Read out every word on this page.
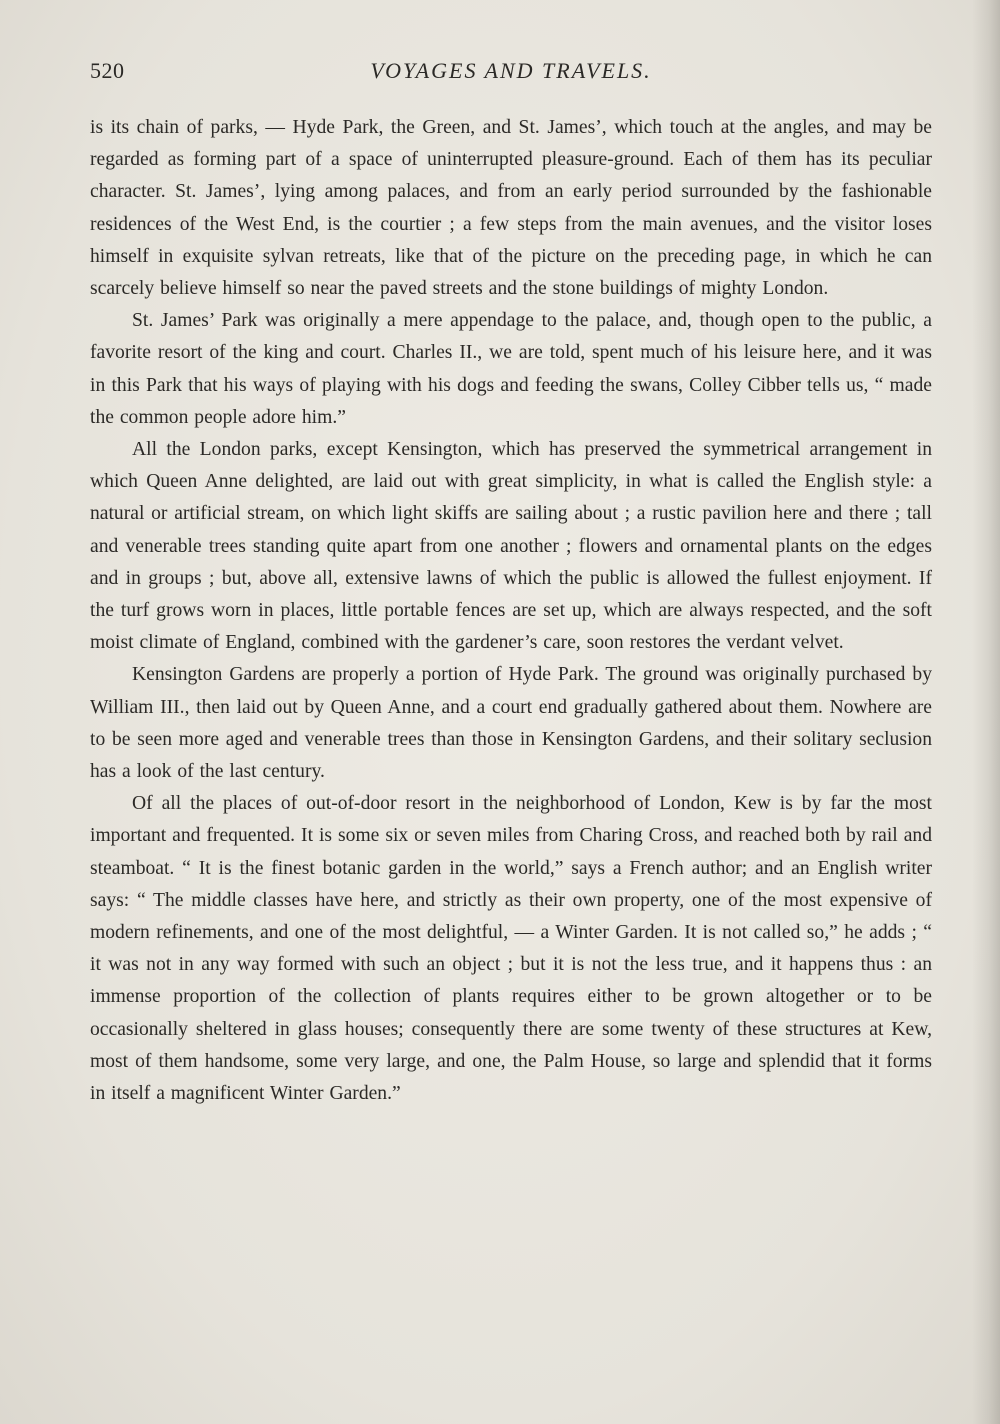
520	VOYAGES AND TRAVELS.

is its chain of parks, — Hyde Park, the Green, and St. James’, which touch at the angles, and may be regarded as forming part of a space of uninterrupted pleasure-ground. Each of them has its peculiar character. St. James’, lying among palaces, and from an early period surrounded by the fashionable residences of the West End, is the courtier ; a few steps from the main avenues, and the visitor loses himself in exquisite sylvan retreats, like that of the picture on the preceding page, in which he can scarcely believe himself so near the paved streets and the stone buildings of mighty London.

St. James’ Park was originally a mere appendage to the palace, and, though open to the public, a favorite resort of the king and court. Charles II., we are told, spent much of his leisure here, and it was in this Park that his ways of playing with his dogs and feeding the swans, Colley Cibber tells us, “ made the common people adore him.”

All the London parks, except Kensington, which has preserved the symmetrical arrangement in which Queen Anne delighted, are laid out with great simplicity, in what is called the English style: a natural or artificial stream, on which light skiffs are sailing about ; a rustic pavilion here and there ; tall and venerable trees standing quite apart from one another ; flowers and ornamental plants on the edges and in groups ; but, above all, extensive lawns of which the public is allowed the fullest enjoyment. If the turf grows worn in places, little portable fences are set up, which are always respected, and the soft moist climate of England, combined with the gardener’s care, soon restores the verdant velvet.

Kensington Gardens are properly a portion of Hyde Park. The ground was originally purchased by William III., then laid out by Queen Anne, and a court end gradually gathered about them. Nowhere are to be seen more aged and venerable trees than those in Kensington Gardens, and their solitary seclusion has a look of the last century.

Of all the places of out-of-door resort in the neighborhood of London, Kew is by far the most important and frequented. It is some six or seven miles from Charing Cross, and reached both by rail and steamboat. “ It is the finest botanic garden in the world,” says a French author; and an English writer says: “ The middle classes have here, and strictly as their own property, one of the most expensive of modern refinements, and one of the most delightful, — a Winter Garden. It is not called so,” he adds ; “ it was not in any way formed with such an object ; but it is not the less true, and it happens thus : an immense proportion of the collection of plants requires either to be grown altogether or to be occasionally sheltered in glass houses; consequently there are some twenty of these structures at Kew, most of them handsome, some very large, and one, the Palm House, so large and splendid that it forms in itself a magnificent Winter Garden.”
